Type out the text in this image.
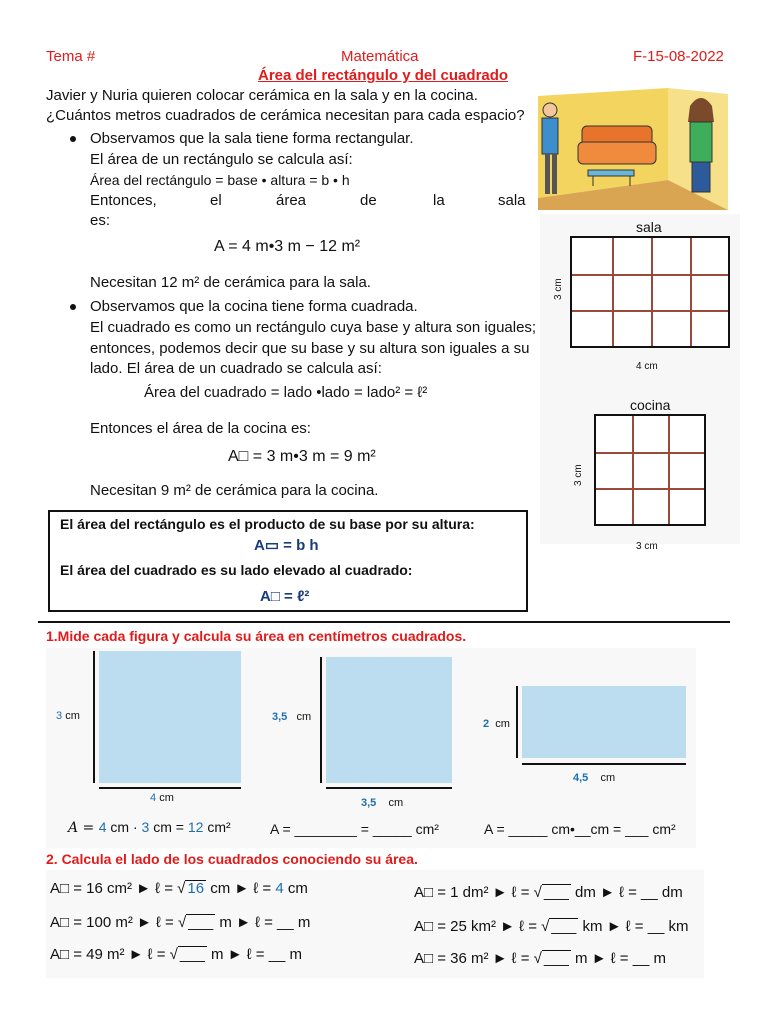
Tema #	Matemática	F-15-08-2022
Área del rectángulo y del cuadrado
Javier y Nuria quieren colocar cerámica en la sala y en la cocina.
¿Cuántos metros cuadrados de cerámica necesitan para cada espacio?
Observamos que la sala tiene forma rectangular.
El área de un rectángulo se calcula así:
Área del rectángulo = base • altura = b • h
Entonces,	el	área	de	la	sala
es:
A = 4 m•3 m − 12 m²
Necesitan 12 m² de cerámica para la sala.
Observamos que la cocina tiene forma cuadrada.
El cuadrado es como un rectángulo cuya base y altura son iguales;
entonces, podemos decir que su base y su altura son iguales a su
lado. El área de un cuadrado se calcula así:
Área del cuadrado = lado •lado = lado² = ℓ²
Entonces el área de la cocina es:
A□ = 3 m•3 m = 9 m²
Necesitan 9 m² de cerámica para la cocina.
sala
3 cm
4 cm
cocina
3 cm
3 cm
El área del rectángulo es el producto de su base por su altura:
A▭ = b h
El área del cuadrado es su lado elevado al cuadrado:
A□ = ℓ²
1.Mide cada figura y calcula su área en centímetros cuadrados.
3 cm
4 cm
3,5 cm
3,5 cm
2 cm
4,5 cm
A = 4 cm · 3 cm = 12 cm²	A = ________ = _____ cm²	A = _____ cm•__cm = ___ cm²
2. Calcula el lado de los cuadrados conociendo su área.
A□ = 16 cm² ► ℓ = √ 16 cm ► ℓ = 4 cm	A□ = 1 dm² ► ℓ = √ ___ dm ► ℓ = __ dm
A□ = 100 m² ► ℓ = √ ___ m ► ℓ = __ m	A□ = 25 km² ► ℓ = √ ___ km ► ℓ = __ km
A□ = 49 m² ► ℓ = √ ___ m ► ℓ = __ m	A□ = 36 m² ► ℓ = √ ___ m ► ℓ = __ m
